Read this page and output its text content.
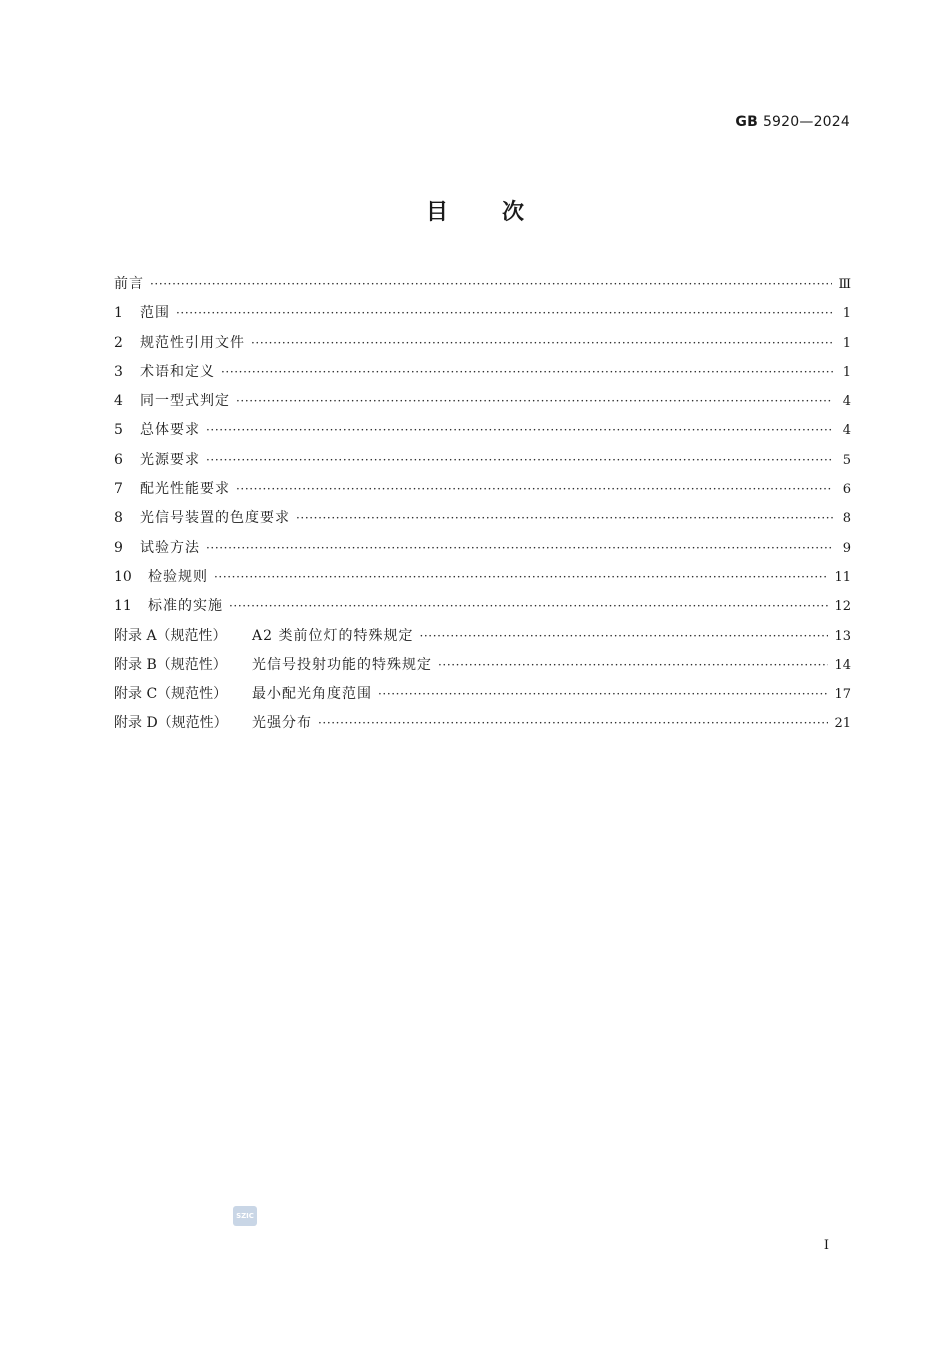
GB 5920—2024
目次
前言 ·····	Ⅲ
1 范围 ·····	1
2 规范性引用文件 ·····	1
3 术语和定义 ·····	1
4 同一型式判定 ·····	4
5 总体要求 ·····	4
6 光源要求 ·····	5
7 配光性能要求 ·····	6
8 光信号装置的色度要求 ·····	8
9 试验方法 ·····	9
10 检验规则 ·····	11
11 标准的实施 ·····	12
附录 A（规范性） A2 类前位灯的特殊规定 ·····	13
附录 B（规范性） 光信号投射功能的特殊规定 ·····	14
附录 C（规范性） 最小配光角度范围 ·····	17
附录 D（规范性） 光强分布 ·····	21
SZIC
I
